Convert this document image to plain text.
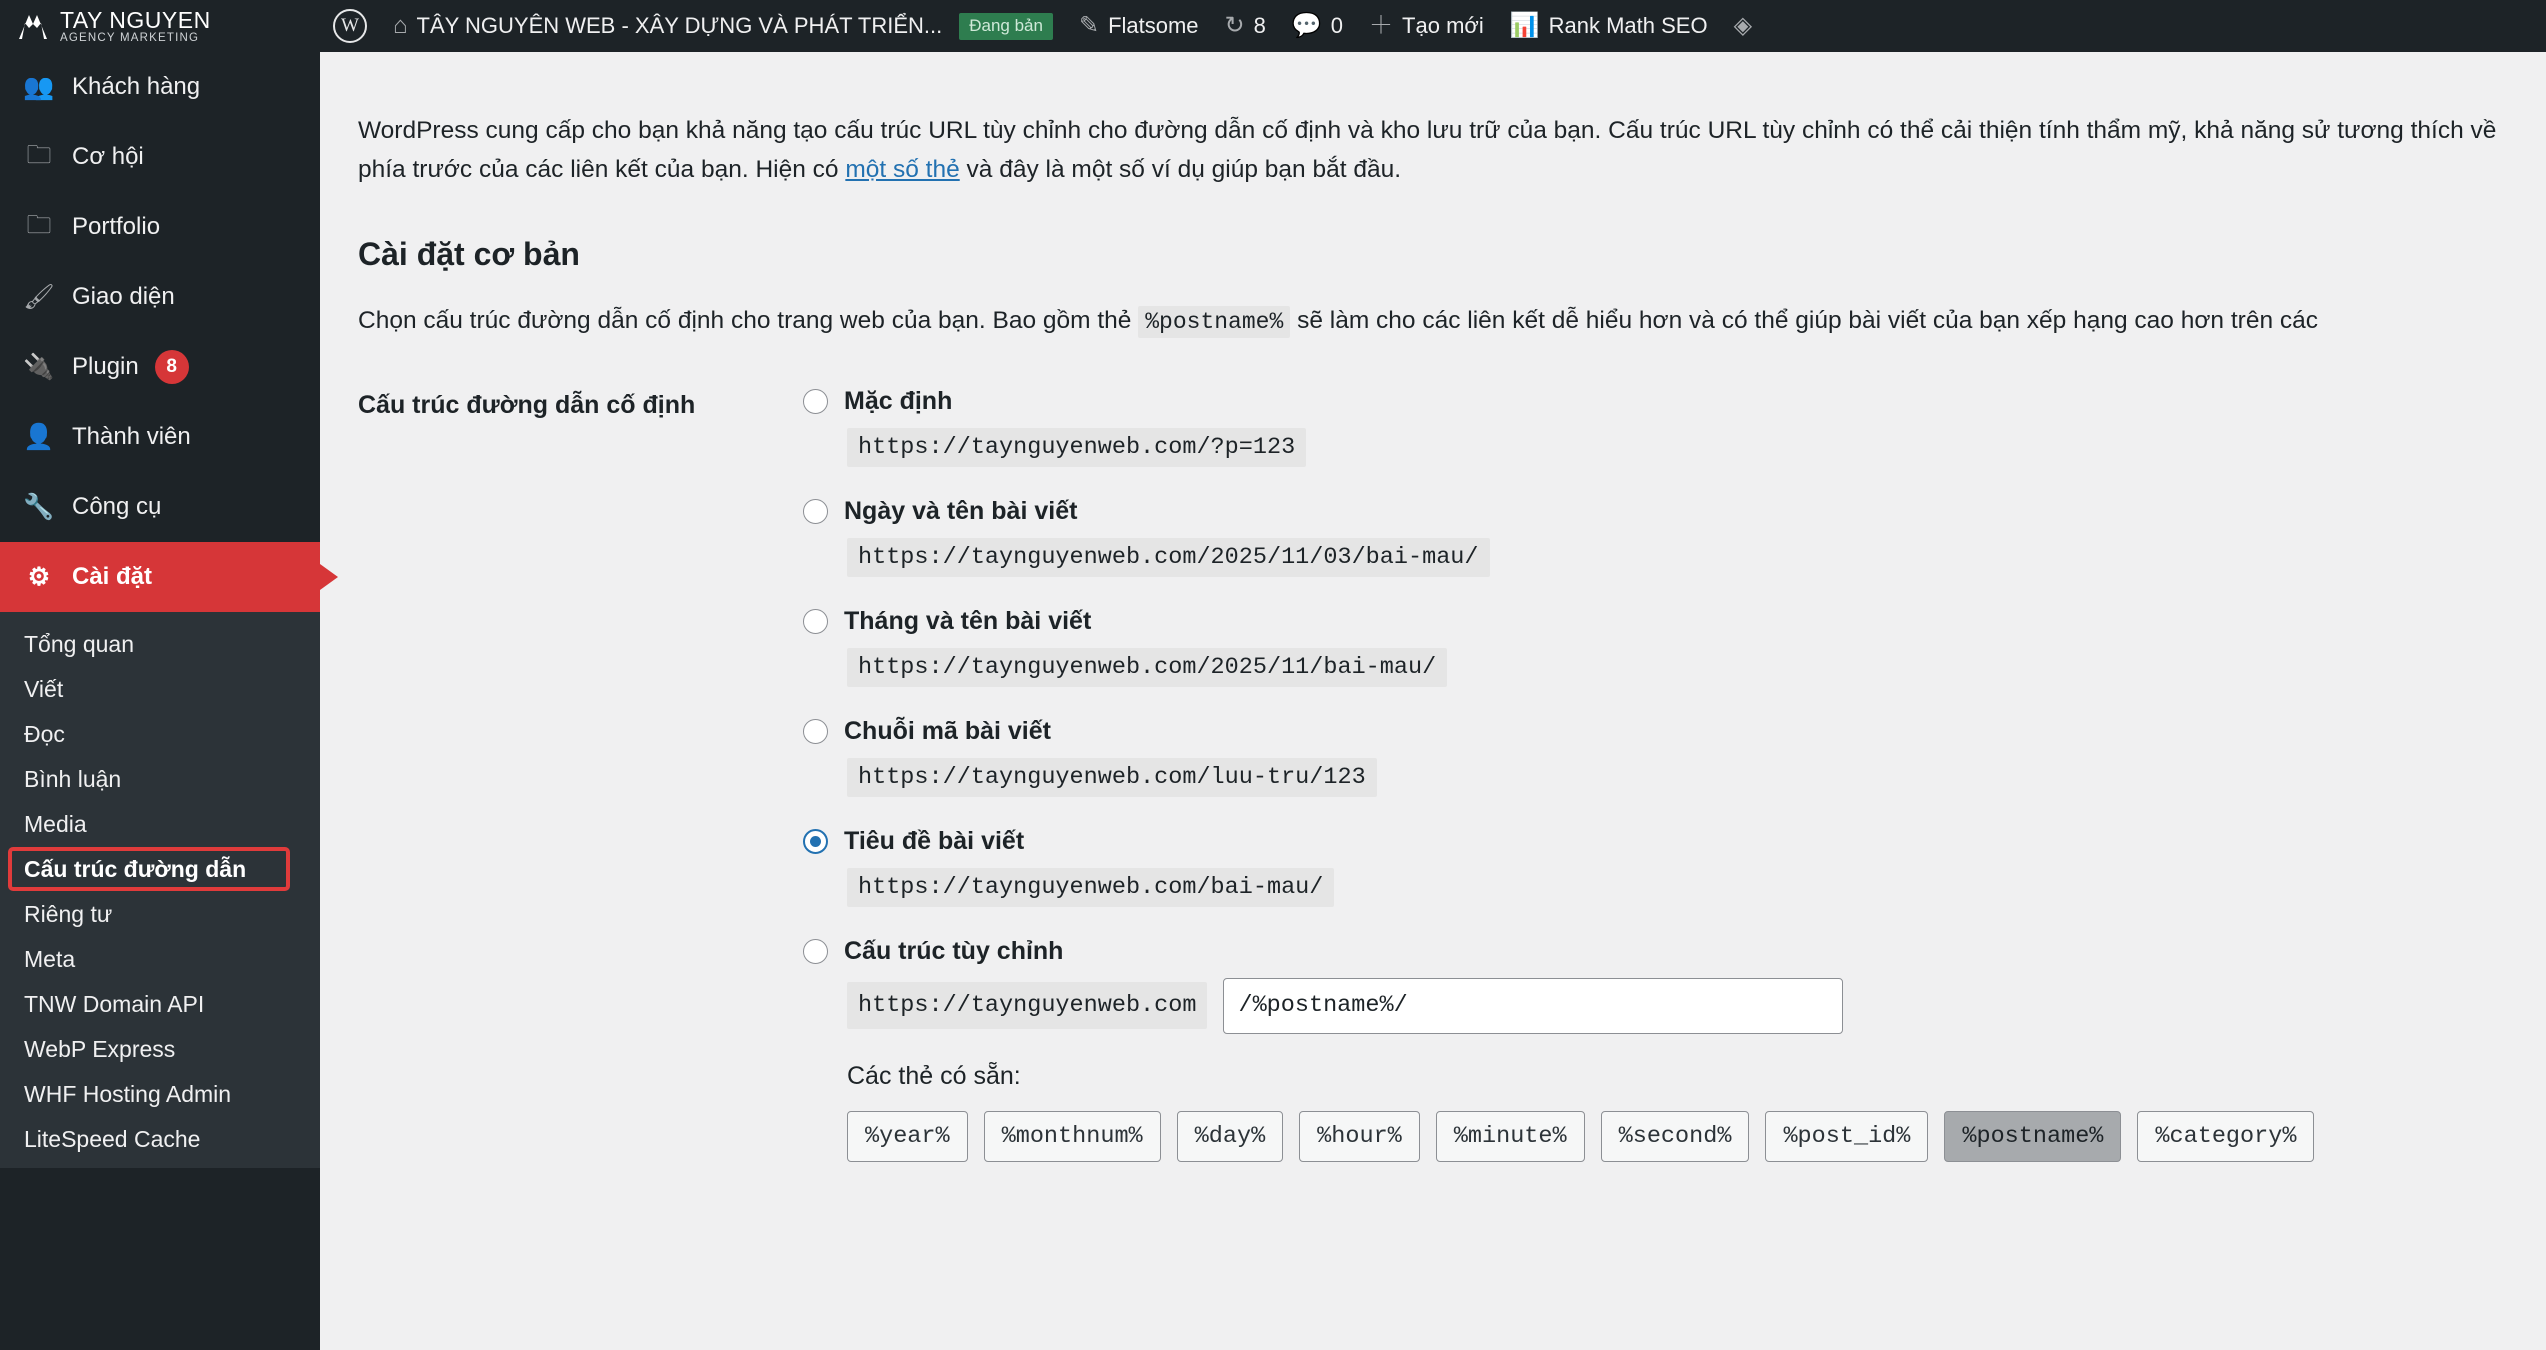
TAY NGUYEN
AGENCY MARKETING W	⌂ TÂY NGUYÊN WEB - XÂY DỰNG VÀ PHÁT TRIỂN...	Đang bản	✎ Flatsome ↻ 8 💬 0 ＋ Tạo mới 📊 Rank Math SEO ◈
👥 Khách hàng
🗀 Cơ hội
🗀 Portfolio
🖌 Giao diện
🔌 Plugin	8
👤 Thành viên
🔧 Công cụ
⚙ Cài đặt
Tổng quan
Viết
Đọc
Bình luận
Media
Cấu trúc đường dẫn
Riêng tư
Meta
TNW Domain API
WebP Express
WHF Hosting Admin
LiteSpeed Cache

WordPress cung cấp cho bạn khả năng tạo cấu trúc URL tùy chỉnh cho đường dẫn cố định và kho lưu trữ của bạn. Cấu trúc URL tùy chỉnh có thể cải thiện tính thẩm mỹ, khả năng sử tương thích về phía trước của các liên kết của bạn. Hiện có một số thẻ và đây là một số ví dụ giúp bạn bắt đầu.

Cài đặt cơ bản

Chọn cấu trúc đường dẫn cố định cho trang web của bạn. Bao gồm thẻ %postname% sẽ làm cho các liên kết dễ hiểu hơn và có thể giúp bài viết của bạn xếp hạng cao hơn trên các

Cấu trúc đường dẫn cố định	Mặc định
https://taynguyenweb.com/?p=123
Ngày và tên bài viết
https://taynguyenweb.com/2025/11/03/bai-mau/
Tháng và tên bài viết
https://taynguyenweb.com/2025/11/bai-mau/
Chuỗi mã bài viết
https://taynguyenweb.com/luu-tru/123
Tiêu đề bài viết
https://taynguyenweb.com/bai-mau/
Cấu trúc tùy chỉnh
https://taynguyenweb.com
/%postname%/
Các thẻ có sẵn:
%year%	%monthnum%	%day%	%hour%	%minute%	%second%	%post_id%	%postname%	%category%
